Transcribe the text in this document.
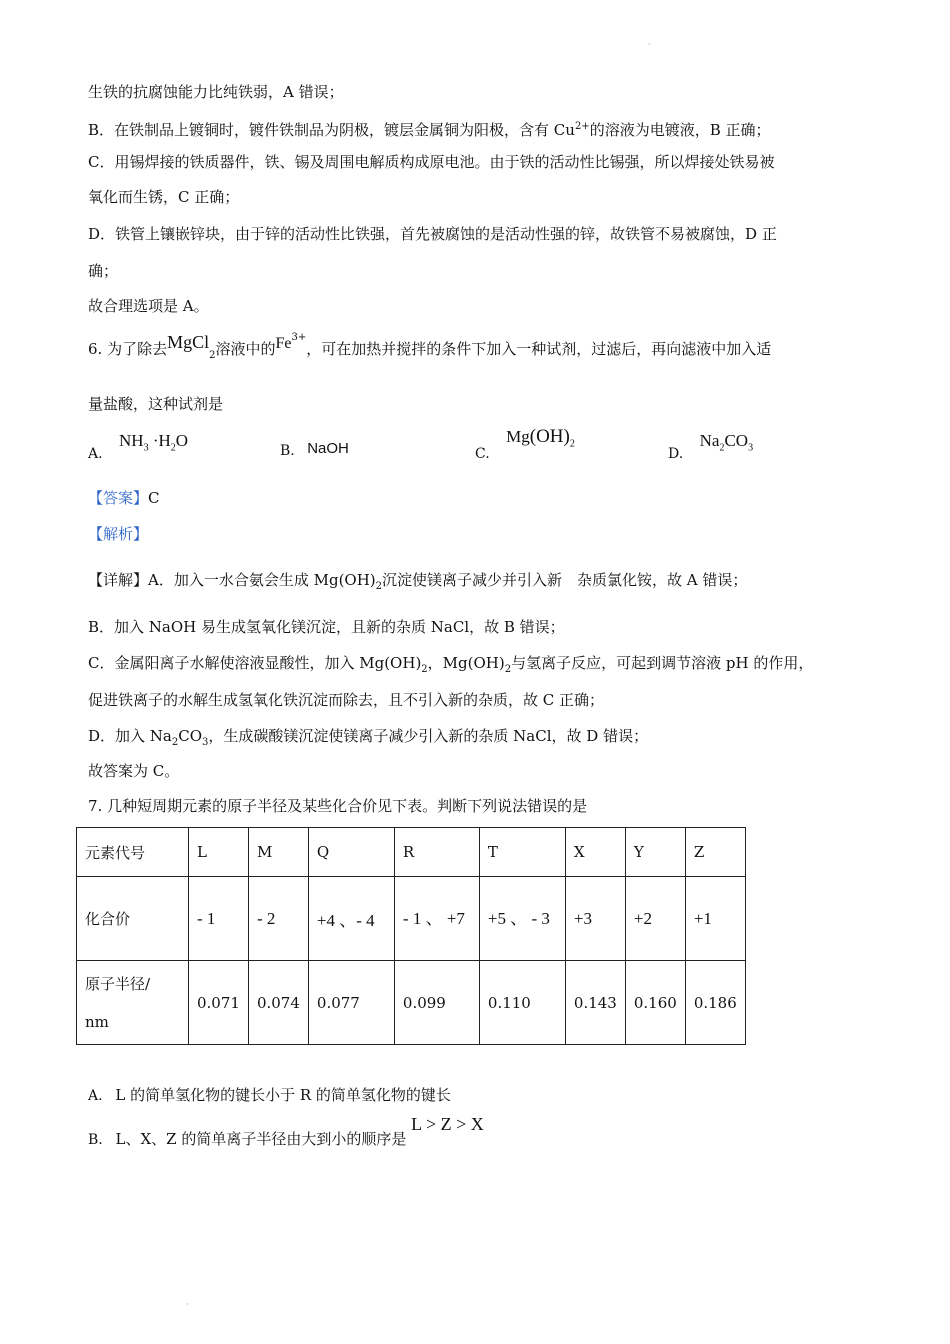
·
生铁的抗腐蚀能力比纯铁弱，A 错误；
B．在铁制品上镀铜时，镀件铁制品为阴极，镀层金属铜为阳极，含有 $Cu^{2+}$的溶液为电镀液，B 正确；
C．用锡焊接的铁质器件，铁、锡及周围电解质构成原电池。由于铁的活动性比锡强，所以焊接处铁易被
氧化而生锈，C 正确；
D．铁管上镶嵌锌块，由于锌的活动性比铁强，首先被腐蚀的是活动性强的锌，故铁管不易被腐蚀，D 正
确；
故合理选项是 A。
6. 为了除去MgCl$_2$溶液中的$Fe^{3+}$，可在加热并搅拌的条件下加入一种试剂，过滤后，再向滤液中加入适
量盐酸，这种试剂是
A. $NH_3 \cdot H_2O$
B. NaOH	C. $Mg(OH)_2$
D. $Na_2CO_3$
【答案】C
【解析】
【详解】A．加入一水合氨会生成 $Mg(OH)_2$沉淀使镁离子减少并引入新　杂质氯化铵，故 A 错误；
B．加入 NaOH 易生成氢氧化镁沉淀，且新的杂质 NaCl，故 B 错误；
C．金属阳离子水解使溶液显酸性，加入 $Mg(OH)_2$，$Mg(OH)_2$与氢离子反应，可起到调节溶液 pH 的作用，
促进铁离子的水解生成氢氧化铁沉淀而除去，且不引入新的杂质，故 C 正确；
D．加入 $Na_2CO_3$，生成碳酸镁沉淀使镁离子减少引入新的杂质 NaCl，故 D 错误；
故答案为 C。
7. 几种短周期元素的原子半径及某些化合价见下表。判断下列说法错误的是
元素代号	L	M	Q	R	T	X	Y	Z
化合价	- 1	- 2	+4 、- 4	- 1 、 +7	+5 、 - 3	+3	+2	+1
原子半径/
nm	0.071	0.074	0.077	0.099	0.110	0.143	0.160	0.186
A. L 的简单氢化物的键长小于 R 的简单氢化物的键长
B. L、X、Z 的简单离子半径由大到小的顺序是 L > Z > X
·
